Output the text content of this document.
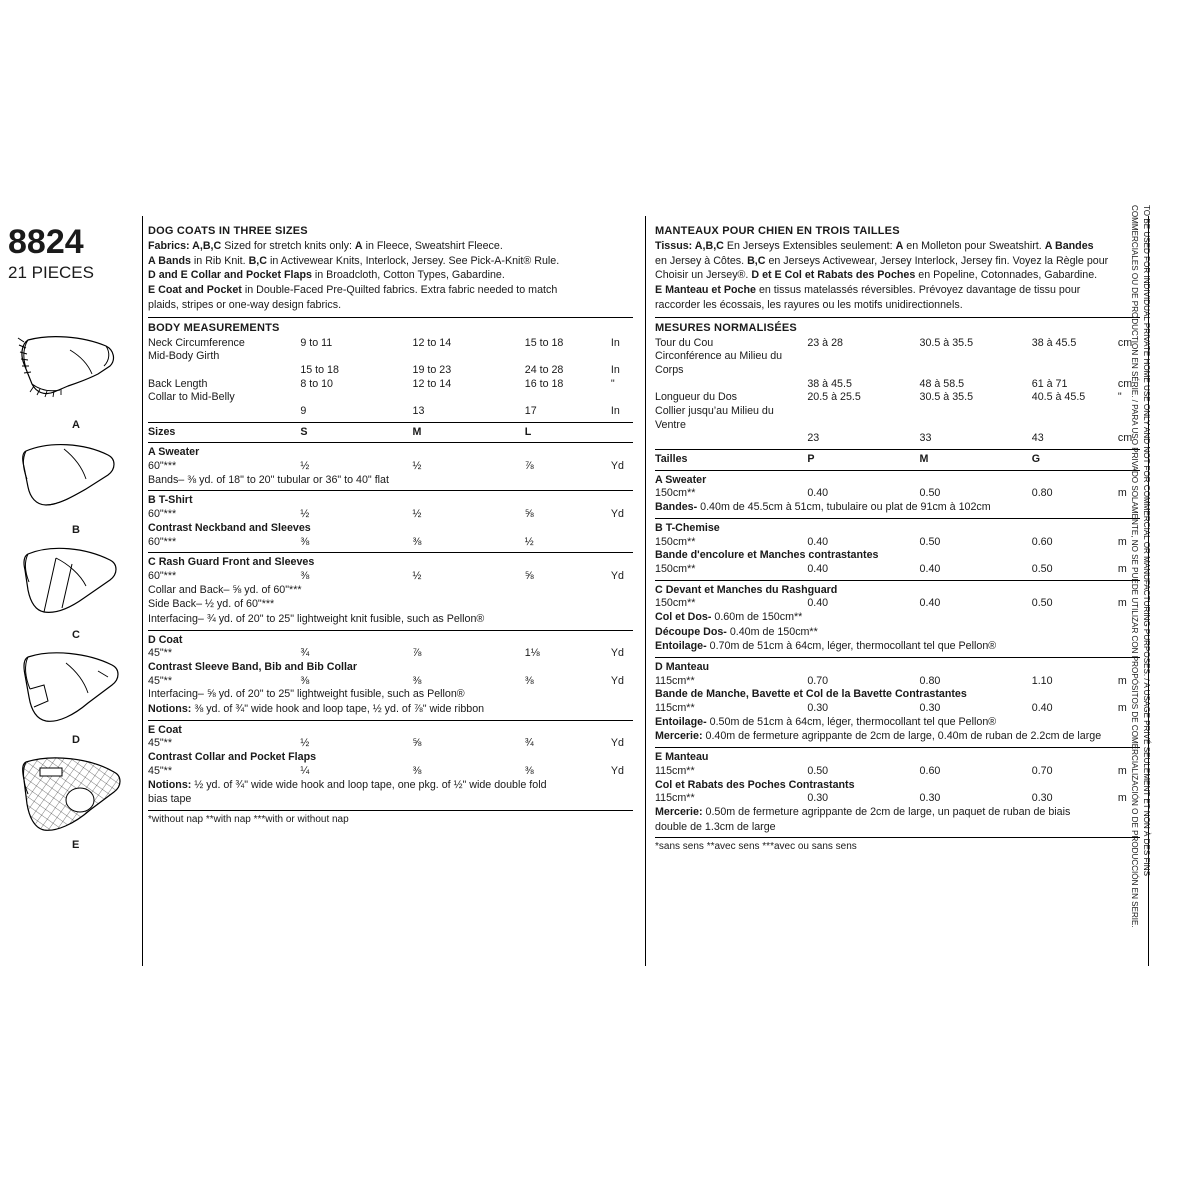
8824
21 PIECES
A
B
C
D
E
DOG COATS IN THREE SIZES
Fabrics: A,B,C Sized for stretch knits only: A in Fleece, Sweatshirt Fleece.
A Bands in Rib Knit. B,C in Activewear Knits, Interlock, Jersey. See Pick-A-Knit® Rule.
D and E Collar and Pocket Flaps in Broadcloth, Cotton Types, Gabardine.
E Coat and Pocket in Double-Faced Pre-Quilted fabrics. Extra fabric needed to match
plaids, stripes or one-way design fabrics.
BODY MEASUREMENTS
Neck Circumference	9 to 11	12 to 14	15 to 18	In
Mid-Body Girth				
	15 to 18	19 to 23	24 to 28	In
Back Length	8 to 10	12 to 14	16 to 18	"
Collar to Mid-Belly				
	9	13	17	In
Sizes	S	M	L	
A Sweater
60"***	½	½	⅞	Yd
Bands– ⅜ yd. of 18" to 20" tubular or 36" to 40" flat
B T-Shirt
60"***	½	½	⅝	Yd
Contrast Neckband and Sleeves
60"***	⅜	⅜	½	
C Rash Guard Front and Sleeves
60"***	⅜	½	⅝	Yd
Collar and Back– ⅝ yd. of 60"***
Side Back– ½ yd. of 60"***
Interfacing– ¾ yd. of 20" to 25" lightweight knit fusible, such as Pellon®
D Coat
45"**	¾	⅞	1⅛	Yd
Contrast Sleeve Band, Bib and Bib Collar
45"**	⅜	⅜	⅜	Yd
Interfacing– ⅝ yd. of 20" to 25" lightweight fusible, such as Pellon®
Notions: ⅜ yd. of ¾" wide hook and loop tape, ½ yd. of ⅞" wide ribbon
E Coat
45"**	½	⅝	¾	Yd
Contrast Collar and Pocket Flaps
45"**	¼	⅜	⅜	Yd
Notions: ½ yd. of ¾" wide wide hook and loop tape, one pkg. of ½" wide double fold
bias tape
*without nap **with nap ***with or without nap
MANTEAUX POUR CHIEN EN TROIS TAILLES
Tissus: A,B,C En Jerseys Extensibles seulement: A en Molleton pour Sweatshirt. A Bandes
en Jersey à Côtes. B,C en Jerseys Activewear, Jersey Interlock, Jersey fin. Voyez la Règle pour
Choisir un Jersey®. D et E Col et Rabats des Poches en Popeline, Cotonnades, Gabardine.
E Manteau et Poche en tissus matelassés réversibles. Prévoyez davantage de tissu pour
raccorder les écossais, les rayures ou les motifs unidirectionnels.
MESURES NORMALISÉES
Tour du Cou	23 à 28	30.5 à 35.5	38 à 45.5	cm
Circonférence au Milieu du Corps				
	38 à 45.5	48 à 58.5	61 à 71	cm
Longueur du Dos	20.5 à 25.5	30.5 à 35.5	40.5 à 45.5	"
Collier jusqu’au Milieu du Ventre				
	23	33	43	cm
Tailles	P	M	G	
A Sweater
150cm**	0.40	0.50	0.80	m
Bandes- 0.40m de 45.5cm à 51cm, tubulaire ou plat de 91cm à 102cm
B T-Chemise
150cm**	0.40	0.50	0.60	m
Bande d'encolure et Manches contrastantes
150cm**	0.40	0.40	0.50	m
C Devant et Manches du Rashguard
150cm**	0.40	0.40	0.50	m
Col et Dos- 0.60m de 150cm**
Découpe Dos- 0.40m de 150cm**
Entoilage- 0.70m de 51cm à 64cm, léger, thermocollant tel que Pellon®
D Manteau
115cm**	0.70	0.80	1.10	m
Bande de Manche, Bavette et Col de la Bavette Contrastantes
115cm**	0.30	0.30	0.40	m
Entoilage- 0.50m de 51cm à 64cm, léger, thermocollant tel que Pellon®
Mercerie: 0.40m de fermeture agrippante de 2cm de large, 0.40m de ruban de 2.2cm de large
E Manteau
115cm**	0.50	0.60	0.70	m
Col et Rabats des Poches Contrastants
115cm**	0.30	0.30	0.30	m
Mercerie: 0.50m de fermeture agrippante de 2cm de large, un paquet de ruban de biais
double de 1.3cm de large
*sans sens **avec sens ***avec ou sans sens	TO BE USED FOR INDIVIDUAL PRIVATE HOME USE ONLY AND NOT FOR COMMERCIAL OR MANUFACTURING PURPOSES. / A USAGE PRIVÉ SEULEMENT ET NON À DES FINS
COMMERCIALES OU DE PRODUCTION EN SÉRIE. / PARA USO PRIVADO SOLAMENTE, NO SE PUEDE UTILIZAR CON PROPÓSITOS DE COMERCIALIZACIÓN O DE PRODUCCIÓN EN SERIE.
